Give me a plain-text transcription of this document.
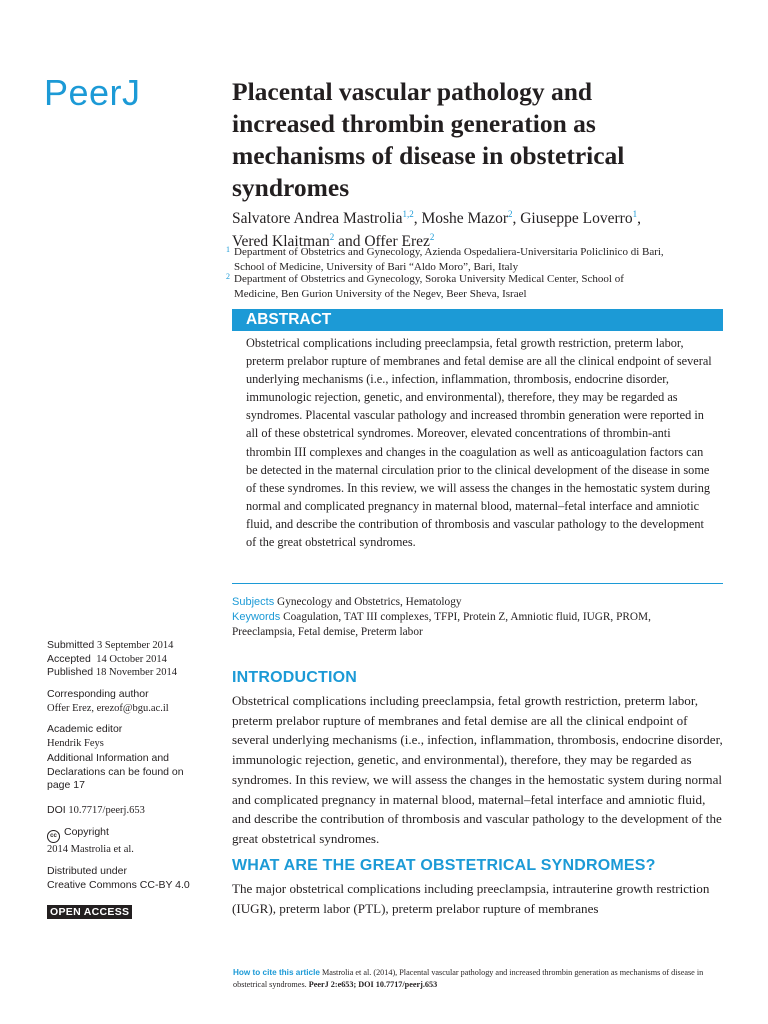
PeerJ	Placental vascular pathology and increased thrombin generation as mechanisms of disease in obstetrical syndromes
Salvatore Andrea Mastrolia$^{1,2}$, Moshe Mazor$^2$, Giuseppe Loverro$^1$,
Vered Klaitman$^2$ and Offer Erez$^2$
1 Department of Obstetrics and Gynecology, Azienda Ospedaliera-Universitaria Policlinico di Bari, School of Medicine, University of Bari “Aldo Moro”, Bari, Italy
2 Department of Obstetrics and Gynecology, Soroka University Medical Center, School of Medicine, Ben Gurion University of the Negev, Beer Sheva, Israel
ABSTRACT

Obstetrical complications including preeclampsia, fetal growth restriction, preterm labor, preterm prelabor rupture of membranes and fetal demise are all the clinical endpoint of several underlying mechanisms (i.e., infection, inflammation, thrombosis, endocrine disorder, immunologic rejection, genetic, and environmental), therefore, they may be regarded as syndromes. Placental vascular pathology and increased thrombin generation were reported in all of these obstetrical syndromes. Moreover, elevated concentrations of thrombin-anti thrombin III complexes and changes in the coagulation as well as anticoagulation factors can be detected in the maternal circulation prior to the clinical development of the disease in some of these syndromes. In this review, we will assess the changes in the hemostatic system during normal and complicated pregnancy in maternal blood, maternal–fetal interface and amniotic fluid, and describe the contribution of thrombosis and vascular pathology to the development of the great obstetrical syndromes.

Subjects Gynecology and Obstetrics, Hematology
Keywords Coagulation, TAT III complexes, TFPI, Protein Z, Amniotic fluid, IUGR, PROM, Preeclampsia, Fetal demise, Preterm labor

Submitted 3 September 2014
Accepted 14 October 2014
Published 18 November 2014
Corresponding author
Offer Erez, erezof@bgu.ac.il
Academic editor
Hendrik Feys
Additional Information and Declarations can be found on page 17
DOI 10.7717/peerj.653
cc Copyright
2014 Mastrolia et al.
Distributed under
Creative Commons CC-BY 4.0
OPEN ACCESS
INTRODUCTION

Obstetrical complications including preeclampsia, fetal growth restriction, preterm labor, preterm prelabor rupture of membranes and fetal demise are all the clinical endpoint of several underlying mechanisms (i.e., infection, inflammation, thrombosis, endocrine disorder, immunologic rejection, genetic, and environmental), therefore, they may be regarded as syndromes. In this review, we will assess the changes in the hemostatic system during normal and complicated pregnancy in maternal blood, maternal–fetal interface and amniotic fluid, and describe the contribution of thrombosis and vascular pathology to the development of the great obstetrical syndromes.

WHAT ARE THE GREAT OBSTETRICAL SYNDROMES?

The major obstetrical complications including preeclampsia, intrauterine growth restriction (IUGR), preterm labor (PTL), preterm prelabor rupture of membranes

How to cite this article Mastrolia et al. (2014), Placental vascular pathology and increased thrombin generation as mechanisms of disease in obstetrical syndromes. PeerJ 2:e653; DOI 10.7717/peerj.653
